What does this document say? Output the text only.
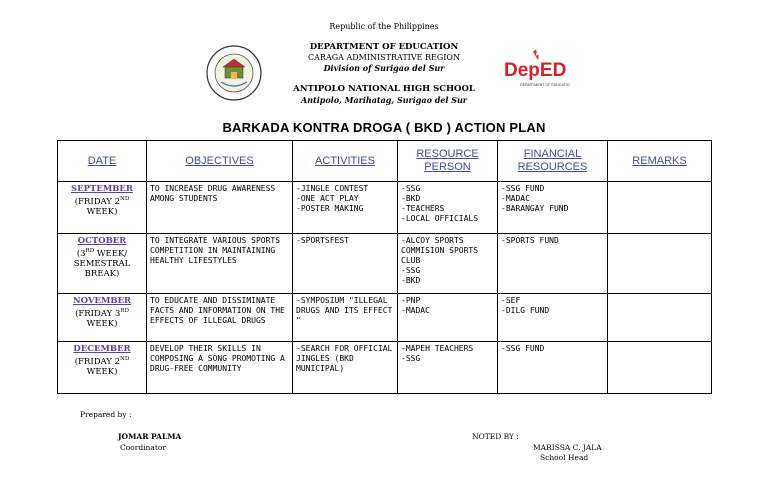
Republic of the Philippines
DEPARTMENT OF EDUCATION
CARAGA ADMINISTRATIVE REGION
Division of Surigao del Sur
ANTIPOLO NATIONAL HIGH SCHOOL
Antipolo, Marihatag, Surigao del Sur
DepED
DEPARTMENT OF EDUCATION
BARKADA KONTRA DROGA ( BKD ) ACTION PLAN
DATE	OBJECTIVES	ACTIVITIES	RESOURCE PERSON	FINANCIAL RESOURCES	REMARKS

SEPTEMBER
(FRIDAY 2ND
WEEK)	TO INCREASE DRUG AWARENESS AMONG STUDENTS	-JINGLE CONTEST
-ONE ACT PLAY
-POSTER MAKING	-SSG
-BKD
-TEACHERS
-LOCAL OFFICIALS	-SSG FUND
-MADAC
-BARANGAY FUND	

OCTOBER
(3RD WEEK/ SEMESTRAL BREAK)	TO INTEGRATE VARIOUS SPORTS COMPETITION IN MAINTAINING HEALTHY LIFESTYLES	-SPORTSFEST	-ALCOY SPORTS COMMISION SPORTS CLUB
-SSG
-BKD	-SPORTS FUND	

NOVEMBER
(FRIDAY 3RD
WEEK)	TO EDUCATE AND DISSIMINATE FACTS AND INFORMATION ON THE EFFECTS OF ILLEGAL DRUGS	-SYMPOSIUM "ILLEGAL DRUGS AND ITS EFFECT "	-PNP
-MADAC	-SEF
-DILG FUND	

DECEMBER
(FRIDAY 2ND
WEEK)	DEVELOP THEIR SKILLS IN COMPOSING A SONG PROMOTING A DRUG-FREE COMMUNITY	-SEARCH FOR OFFICIAL JINGLES (BKD MUNICIPAL)	-MAPEH TEACHERS
-SSG	-SSG FUND	

Prepared by :
JOMAR PALMA
Coordinator
NOTED BY :
MARISSA C. JALA
School Head
